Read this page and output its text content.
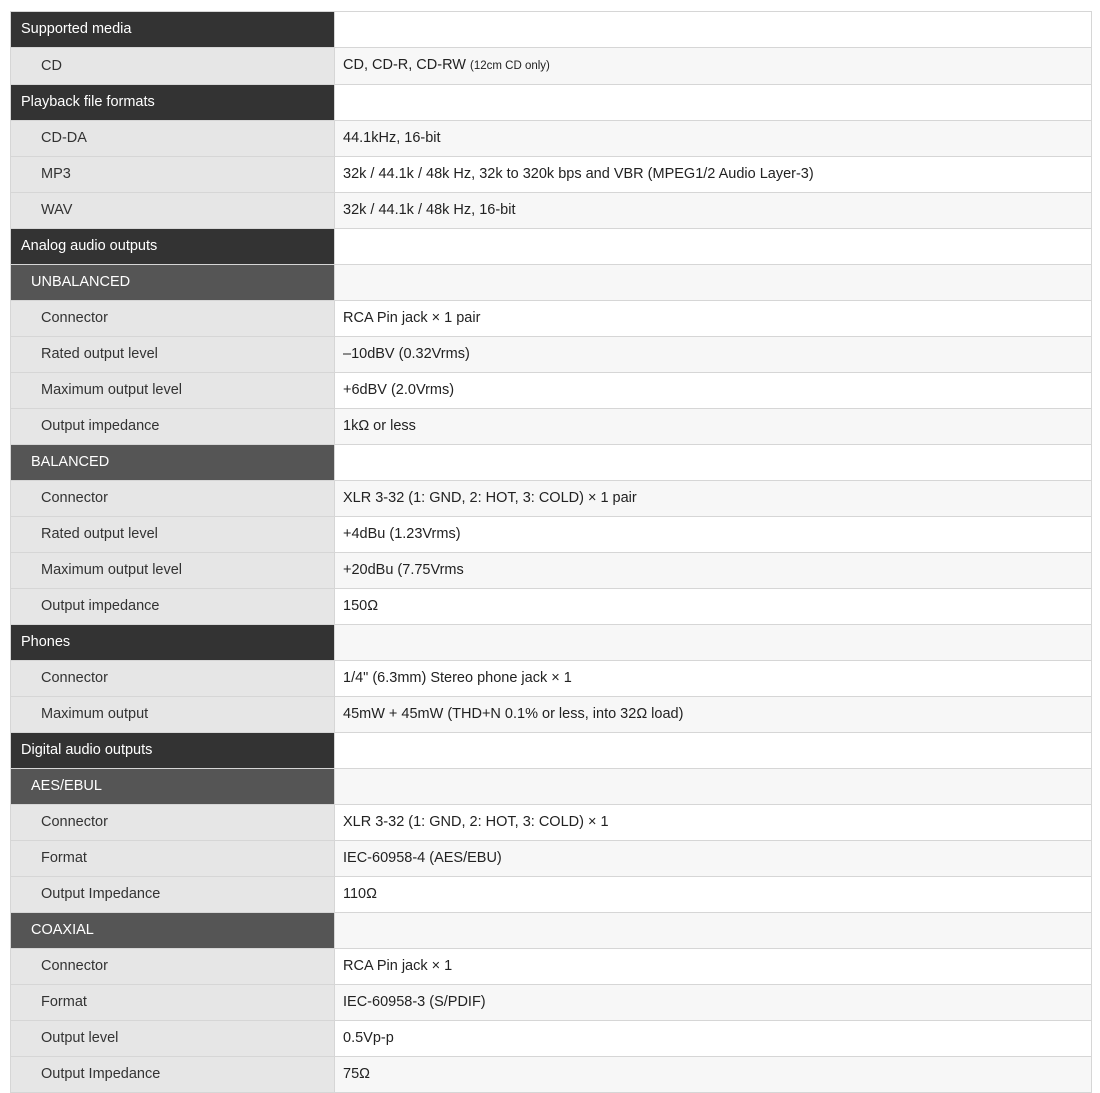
Supported media	
CD	CD, CD-R, CD-RW (12cm CD only)
Playback file formats	
CD-DA	44.1kHz, 16-bit
MP3	32k / 44.1k / 48k Hz, 32k to 320k bps and VBR (MPEG1/2 Audio Layer-3)
WAV	32k / 44.1k / 48k Hz, 16-bit
Analog audio outputs	
UNBALANCED	
Connector	RCA Pin jack × 1 pair
Rated output level	–10dBV (0.32Vrms)
Maximum output level	+6dBV (2.0Vrms)
Output impedance	1kΩ or less
BALANCED	
Connector	XLR 3-32 (1: GND, 2: HOT, 3: COLD) × 1 pair
Rated output level	+4dBu (1.23Vrms)
Maximum output level	+20dBu (7.75Vrms
Output impedance	150Ω
Phones	
Connector	1/4" (6.3mm) Stereo phone jack × 1
Maximum output	45mW + 45mW (THD+N 0.1% or less, into 32Ω load)
Digital audio outputs	
AES/EBUL	
Connector	XLR 3-32 (1: GND, 2: HOT, 3: COLD) × 1
Format	IEC-60958-4 (AES/EBU)
Output Impedance	110Ω
COAXIAL	
Connector	RCA Pin jack × 1
Format	IEC-60958-3 (S/PDIF)
Output level	0.5Vp-p
Output Impedance	75Ω
